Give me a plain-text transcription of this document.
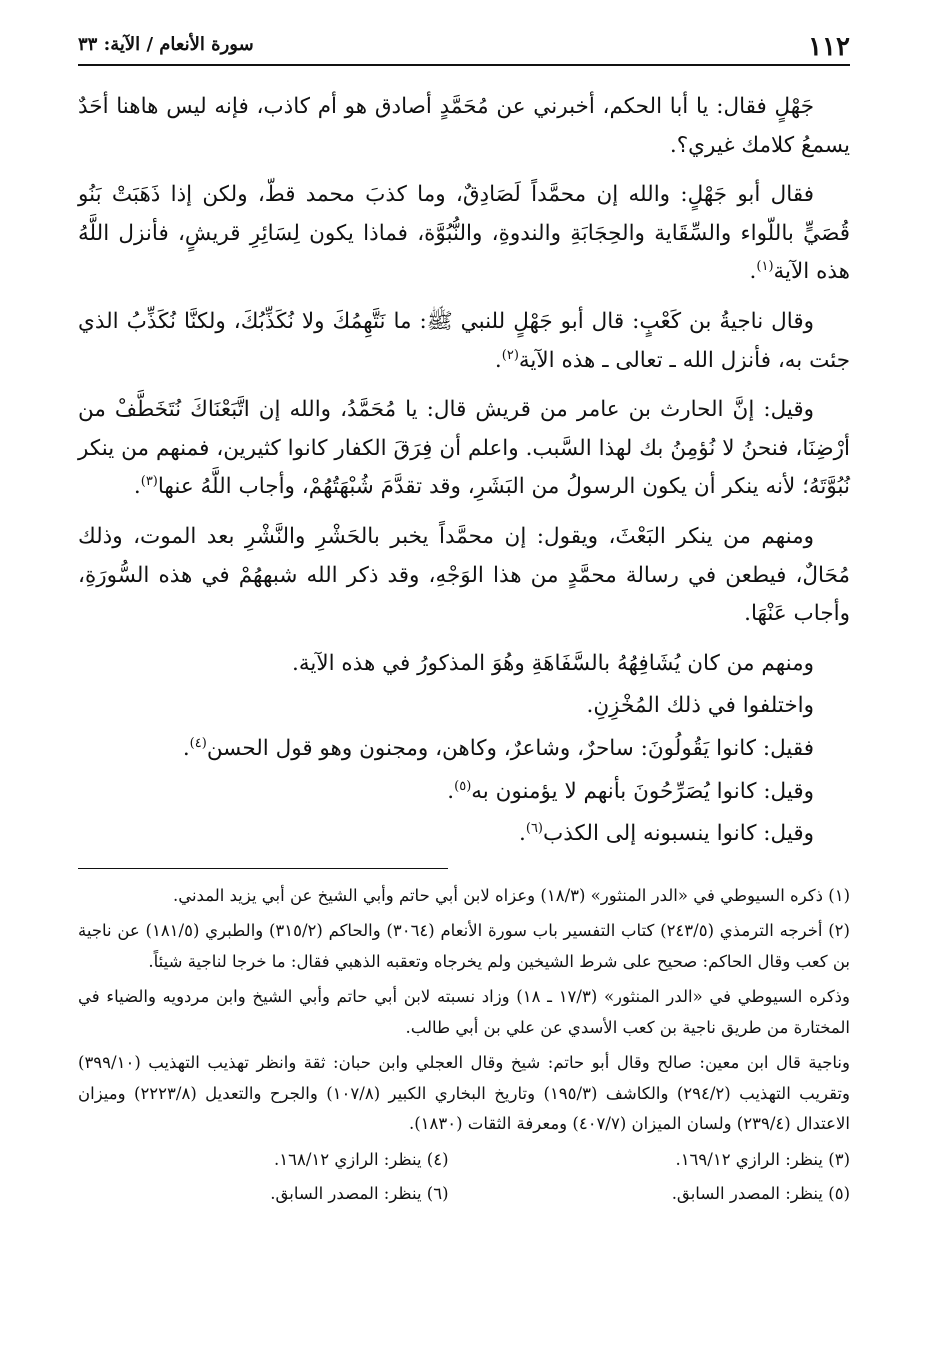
١١٢
سورة الأنعام / الآية: ٣٣

جَهْلٍ فقال: يا أبا الحكم، أخبرني عن مُحَمَّدٍ أصادق هو أم كاذب، فإنه ليس هاهنا أحَدٌ يسمعُ كلامك غيري؟.

فقال أبو جَهْلٍ: والله إن محمَّداً لَصَادِقٌ، وما كذبَ محمد قطّ، ولكن إذا ذَهَبَتْ بَنُو قُصَيٍّ باللّواء والسِّقَاية والحِجَابَةِ والندوةِ، والنُّبُوَّة، فماذا يكون لِسَائِرِ قريشٍ، فأنزل اللَّهُ هذه الآية$^{(١)}$.

وقال ناجيةُ بن كَعْبٍ: قال أبو جَهْلٍ للنبي ﷺ: ما نَتَّهِمُكَ ولا نُكَذِّبُكَ، ولكنَّا نُكَذِّبُ الذي جئت به، فأنزل الله ـ تعالى ـ هذه الآية$^{(٢)}$.

وقيل: إنَّ الحارث بن عامر من قريش قال: يا مُحَمَّدُ، والله إن اتَّبَعْنَاكَ نُتَخَطَّفْ من أرْضِنَا، فنحنُ لا نُؤمِنُ بك لهذا السَّبب. واعلم أن فِرَقَ الكفار كانوا كثيرين، فمنهم من ينكر نُبُوَّتَهُ؛ لأنه ينكر أن يكون الرسولُ من البَشَرِ، وقد تقدَّمَ شُبْهَتُهُمْ، وأجاب اللَّهُ عنها$^{(٣)}$.

ومنهم من ينكر البَعْثَ، ويقول: إن محمَّداً يخبر بالحَشْرِ والنَّشْرِ بعد الموت، وذلك مُحَالٌ، فيطعن في رسالة محمَّدٍ من هذا الوَجْهِ، وقد ذكر الله شبههُمْ في هذه السُّورَةِ، وأجاب عَنْهَا.

ومنهم من كان يُشَافِهُهُ بالسَّفَاهَةِ وهُوَ المذكورُ في هذه الآية.

واختلفوا في ذلك المُخْزِنِ.

فقيل: كانوا يَقُولُونَ: ساحرٌ، وشاعرٌ، وكاهن، ومجنون وهو قول الحسن$^{(٤)}$.

وقيل: كانوا يُصَرِّحُونَ بأنهم لا يؤمنون به$^{(٥)}$.

وقيل: كانوا ينسبونه إلى الكذب$^{(٦)}$.

(١) ذكره السيوطي في «الدر المنثور» (١٨/٣) وعزاه لابن أبي حاتم وأبي الشيخ عن أبي يزيد المدني.

(٢) أخرجه الترمذي (٢٤٣/٥) كتاب التفسير باب سورة الأنعام (٣٠٦٤) والحاكم (٣١٥/٢) والطبري (١٨١/٥) عن ناجية بن كعب وقال الحاكم: صحيح على شرط الشيخين ولم يخرجاه وتعقبه الذهبي فقال: ما خرجا لناجية شيئاً.

وذكره السيوطي في «الدر المنثور» (١٧/٣ ـ ١٨) وزاد نسبته لابن أبي حاتم وأبي الشيخ وابن مردويه والضياء في المختارة من طريق ناجية بن كعب الأسدي عن علي بن أبي طالب.

وناجية قال ابن معين: صالح وقال أبو حاتم: شيخ وقال العجلي وابن حبان: ثقة وانظر تهذيب التهذيب (٣٩٩/١٠) وتقريب التهذيب (٢٩٤/٢) والكاشف (١٩٥/٣) وتاريخ البخاري الكبير (١٠٧/٨) والجرح والتعديل (٢٢٢٣/٨) وميزان الاعتدال (٢٣٩/٤) ولسان الميزان (٤٠٧/٧) ومعرفة الثقات (١٨٣٠).

(٣) ينظر: الرازي ١٦٩/١٢.
(٤) ينظر: الرازي ١٦٨/١٢.
(٥) ينظر: المصدر السابق.
(٦) ينظر: المصدر السابق.
